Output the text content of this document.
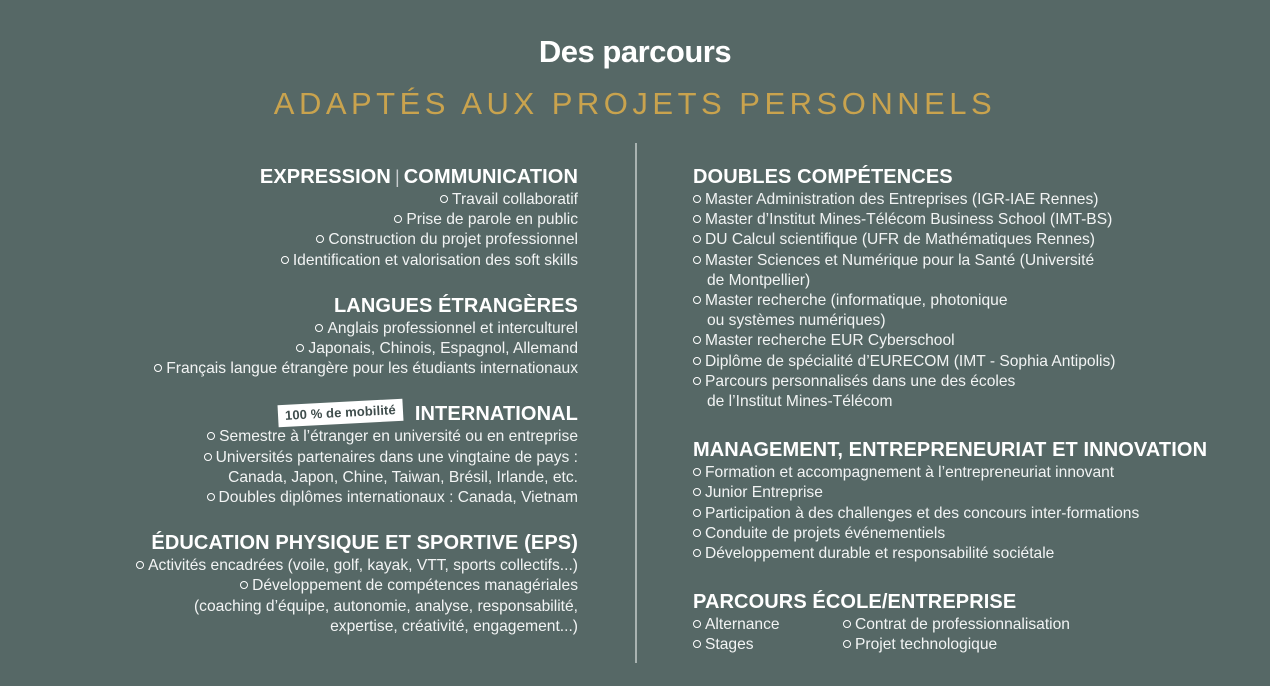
Des parcours
ADAPTÉS AUX PROJETS PERSONNELS
EXPRESSION | COMMUNICATION
Travail collaboratif
Prise de parole en public
Construction du projet professionnel
Identification et valorisation des soft skills
LANGUES ÉTRANGÈRES
Anglais professionnel et interculturel
Japonais, Chinois, Espagnol, Allemand
Français langue étrangère pour les étudiants internationaux
100 % de mobilité INTERNATIONAL
Semestre à l’étranger en université ou en entreprise
Universités partenaires dans une vingtaine de pays :
Canada, Japon, Chine, Taiwan, Brésil, Irlande, etc.
Doubles diplômes internationaux : Canada, Vietnam
ÉDUCATION PHYSIQUE ET SPORTIVE (EPS)
Activités encadrées (voile, golf, kayak, VTT, sports collectifs...)
Développement de compétences managériales
(coaching d’équipe, autonomie, analyse, responsabilité,
expertise, créativité, engagement...)
DOUBLES COMPÉTENCES
Master Administration des Entreprises (IGR-IAE Rennes)
Master d’Institut Mines-Télécom Business School (IMT-BS)
DU Calcul scientifique (UFR de Mathématiques Rennes)
Master Sciences et Numérique pour la Santé (Université
de Montpellier)
Master recherche (informatique, photonique
ou systèmes numériques)
Master recherche EUR Cyberschool
Diplôme de spécialité d’EURECOM (IMT - Sophia Antipolis)
Parcours personnalisés dans une des écoles
de l’Institut Mines-Télécom
MANAGEMENT, ENTREPRENEURIAT ET INNOVATION
Formation et accompagnement à l’entrepreneuriat innovant
Junior Entreprise
Participation à des challenges et des concours inter-formations
Conduite de projets événementiels
Développement durable et responsabilité sociétale
PARCOURS ÉCOLE/ENTREPRISE
Alternance
Stages
Contrat de professionnalisation
Projet technologique
